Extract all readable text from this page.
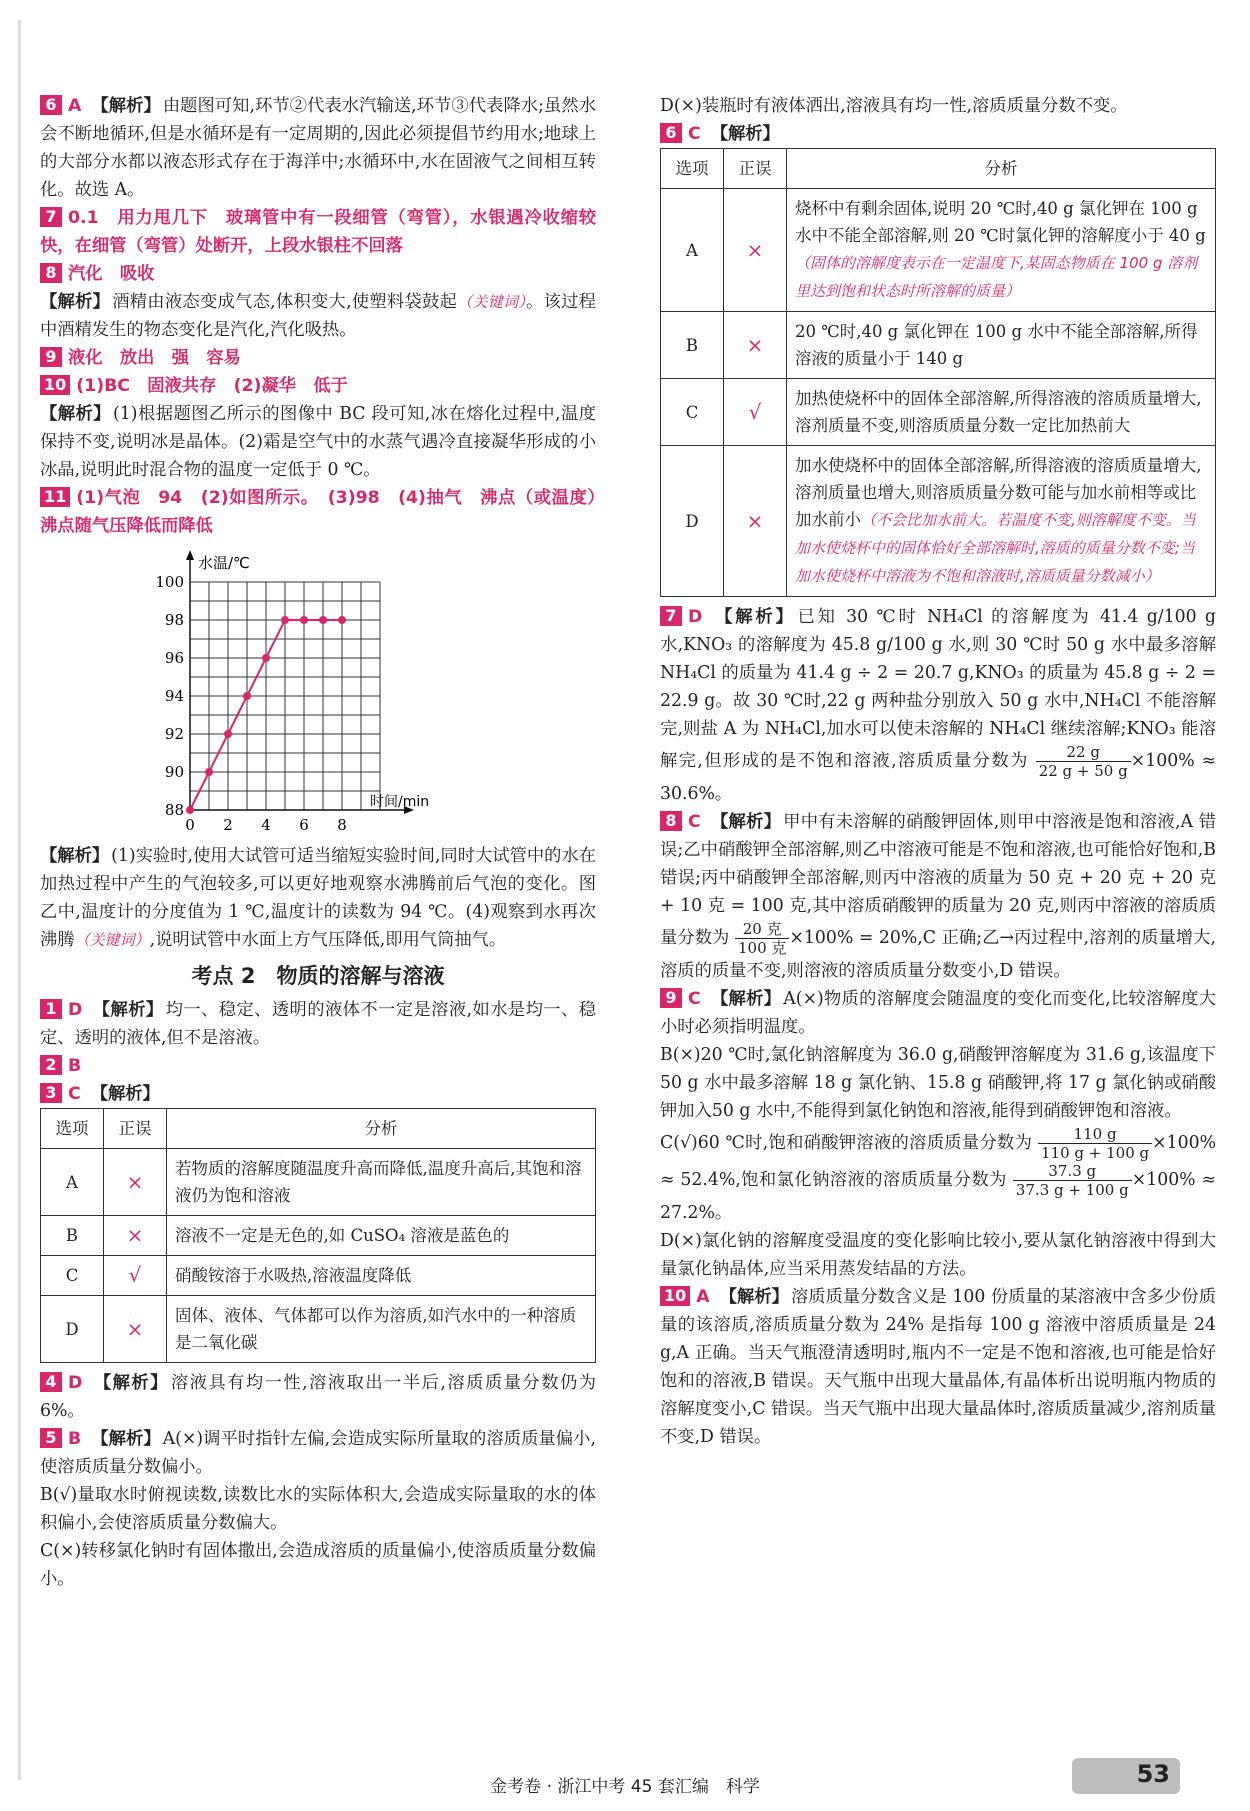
6 A 【解析】 由题图可知,环节②代表水汽输送,环节③代表降水;虽然水会不断地循环,但是水循环是有一定周期的,因此必须提倡节约用水;地球上的大部分水都以液态形式存在于海洋中;水循环中,水在固液气之间相互转化。故选 A。

7 0.1　用力甩几下　玻璃管中有一段细管（弯管），水银遇冷收缩较快，在细管（弯管）处断开，上段水银柱不回落

8 汽化　吸收
【解析】 酒精由液态变成气态,体积变大,使塑料袋鼓起（关键词）。该过程中酒精发生的物态变化是汽化,汽化吸热。

9 液化　放出　强　容易

10 (1)BC　固液共存　(2)凝华　低于
【解析】 (1)根据题图乙所示的图像中 BC 段可知,冰在熔化过程中,温度保持不变,说明冰是晶体。(2)霜是空气中的水蒸气遇冷直接凝华形成的小冰晶,说明此时混合物的温度一定低于 0 ℃。

11 (1)气泡　94　(2)如图所示。　(3)98　(4)抽气　沸点（或温度）　沸点随气压降低而降低

0 2 4 6 8
88
90
92
94
96
98
100
水温/℃
时间/min

【解析】 (1)实验时,使用大试管可适当缩短实验时间,同时大试管中的水在加热过程中产生的气泡较多,可以更好地观察水沸腾前后气泡的变化。图乙中,温度计的分度值为 1 ℃,温度计的读数为 94 ℃。(4)观察到水再次沸腾（关键词）,说明试管中水面上方气压降低,即用气筒抽气。

考点 2　物质的溶解与溶液

1 D 【解析】 均一、稳定、透明的液体不一定是溶液,如水是均一、稳定、透明的液体,但不是溶液。

2 B

3 C 【解析】

选项	正误	分析
A	×	若物质的溶解度随温度升高而降低,温度升高后,其饱和溶液仍为饱和溶液
B	×	溶液不一定是无色的,如 CuSO₄ 溶液是蓝色的
C	√	硝酸铵溶于水吸热,溶液温度降低
D	×	固体、液体、气体都可以作为溶质,如汽水中的一种溶质是二氧化碳

4 D 【解析】 溶液具有均一性,溶液取出一半后,溶质质量分数仍为 6%。

5 B 【解析】 A(×)调平时指针左偏,会造成实际所量取的溶质质量偏小,使溶质质量分数偏小。
B(√)量取水时俯视读数,读数比水的实际体积大,会造成实际量取的水的体积偏小,会使溶质质量分数偏大。
C(×)转移氯化钠时有固体撒出,会造成溶质的质量偏小,使溶质质量分数偏小。

D(×)装瓶时有液体洒出,溶液具有均一性,溶质质量分数不变。

6 C 【解析】

选项	正误	分析
A	×	烧杯中有剩余固体,说明 20 ℃时,40 g 氯化钾在 100 g 水中不能全部溶解,则 20 ℃时氯化钾的溶解度小于 40 g（固体的溶解度表示在一定温度下,某固态物质在 100 g 溶剂里达到饱和状态时所溶解的质量）
B	×	20 ℃时,40 g 氯化钾在 100 g 水中不能全部溶解,所得溶液的质量小于 140 g
C	√	加热使烧杯中的固体全部溶解,所得溶液的溶质质量增大,溶剂质量不变,则溶质质量分数一定比加热前大
D	×	加水使烧杯中的固体全部溶解,所得溶液的溶质质量增大,溶剂质量也增大,则溶质质量分数可能与加水前相等或比加水前小（不会比加水前大。若温度不变,则溶解度不变。当加水使烧杯中的固体恰好全部溶解时,溶质的质量分数不变;当加水使烧杯中溶液为不饱和溶液时,溶质质量分数减小）

7 D 【解析】 已知 30 ℃时 NH₄Cl 的溶解度为 41.4 g/100 g 水,KNO₃ 的溶解度为 45.8 g/100 g 水,则 30 ℃时 50 g 水中最多溶解 NH₄Cl 的质量为 41.4 g ÷ 2 = 20.7 g,KNO₃ 的质量为 45.8 g ÷ 2 = 22.9 g。故 30 ℃时,22 g 两种盐分别放入 50 g 水中,NH₄Cl 不能溶解完,则盐 A 为 NH₄Cl,加水可以使未溶解的 NH₄Cl 继续溶解;KNO₃ 能溶解完,但形成的是不饱和溶液,溶质质量分数为 $\frac{22 g}{22 g + 50 g} \times 100\% \approx 30.6\%$。

8 C 【解析】 甲中有未溶解的硝酸钾固体,则甲中溶液是饱和溶液,A 错误;乙中硝酸钾全部溶解,则乙中溶液可能是不饱和溶液,也可能恰好饱和,B 错误;丙中硝酸钾全部溶解,则丙中溶液的质量为 50 克 + 20 克 + 20 克 + 10 克 = 100 克,其中溶质硝酸钾的质量为 20 克,则丙中溶液的溶质质量分数为 20 克
100 克 ×100% = 20%,C 正确;乙→丙过程中,溶剂的质量增大,溶质的质量不变,则溶液的溶质质量分数变小,D 错误。

9 C 【解析】 A(×)物质的溶解度会随温度的变化而变化,比较溶解度大小时必须指明温度。
B(×)20 ℃时,氯化钠溶解度为 36.0 g,硝酸钾溶解度为 31.6 g,该温度下 50 g 水中最多溶解 18 g 氯化钠、15.8 g 硝酸钾,将 17 g 氯化钠或硝酸钾加入50 g 水中,不能得到氯化钠饱和溶液,能得到硝酸钾饱和溶液。
C(√)60 ℃时,饱和硝酸钾溶液的溶质质量分数为 $\frac{110 g}{110 g + 100 g} \times 100\% \approx 52.4\%$,饱和氯化钠溶液的溶质质量分数为 $\frac{37.3 g}{37.3 g + 100 g} \times 100\% \approx 27.2\%$。
D(×)氯化钠的溶解度受温度的变化影响比较小,要从氯化钠溶液中得到大量氯化钠晶体,应当采用蒸发结晶的方法。

10 A 【解析】 溶质质量分数含义是 100 份质量的某溶液中含多少份质量的该溶质,溶质质量分数为 24% 是指每 100 g 溶液中溶质质量是 24 g,A 正确。当天气瓶澄清透明时,瓶内不一定是不饱和溶液,也可能是恰好饱和的溶液,B 错误。天气瓶中出现大量晶体,有晶体析出说明瓶内物质的溶解度变小,C 错误。当天气瓶中出现大量晶体时,溶质质量减少,溶剂质量不变,D 错误。

金考卷 · 浙江中考 45 套汇编　科学	53
